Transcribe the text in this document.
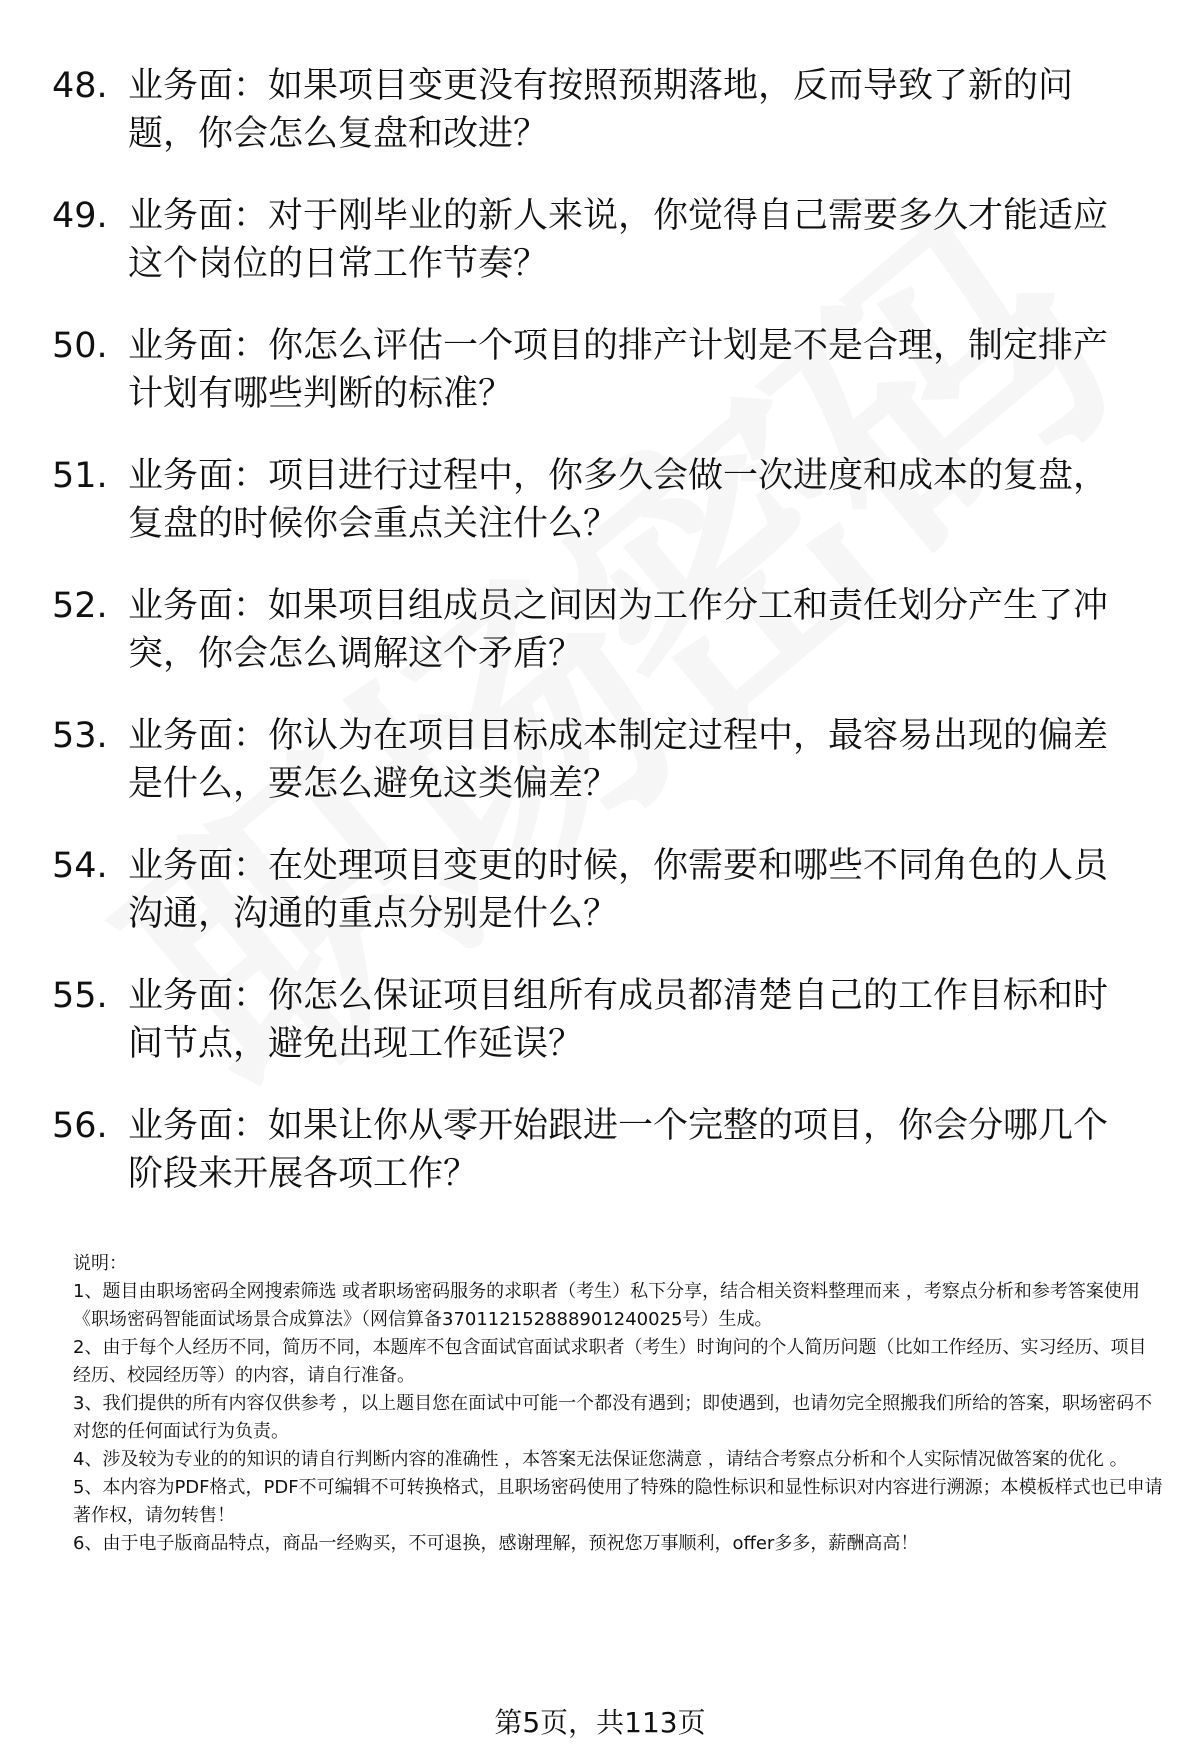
48. 业务面：如果项目变更没有按照预期落地，反而导致了新的问题，你会怎么复盘和改进？
49. 业务面：对于刚毕业的新人来说，你觉得自己需要多久才能适应这个岗位的日常工作节奏？
50. 业务面：你怎么评估一个项目的排产计划是不是合理，制定排产计划有哪些判断的标准？
51. 业务面：项目进行过程中，你多久会做一次进度和成本的复盘，复盘的时候你会重点关注什么？
52. 业务面：如果项目组成员之间因为工作分工和责任划分产生了冲突，你会怎么调解这个矛盾？
53. 业务面：你认为在项目目标成本制定过程中，最容易出现的偏差是什么，要怎么避免这类偏差？
54. 业务面：在处理项目变更的时候，你需要和哪些不同角色的人员沟通，沟通的重点分别是什么？
55. 业务面：你怎么保证项目组所有成员都清楚自己的工作目标和时间节点，避免出现工作延误？
56. 业务面：如果让你从零开始跟进一个完整的项目，你会分哪几个阶段来开展各项工作？

说明：

1、题目由职场密码全网搜索筛选 或者职场密码服务的求职者（考生）私下分享，结合相关资料整理而来 ，考察点分析和参考答案使用《职场密码智能面试场景合成算法》（网信算备370112152888901240025号）生成。

2、由于每个人经历不同，简历不同，本题库不包含面试官面试求职者（考生）时询问的个人简历问题（比如工作经历、实习经历、项目经历、校园经历等）的内容，请自行准备。

3、我们提供的所有内容仅供参考 ，以上题目您在面试中可能一个都没有遇到；即使遇到，也请勿完全照搬我们所给的答案，职场密码不对您的任何面试行为负责。

4、涉及较为专业的的知识的请自行判断内容的准确性 ，本答案无法保证您满意 ，请结合考察点分析和个人实际情况做答案的优化 。

5、本内容为PDF格式，PDF不可编辑不可转换格式，且职场密码使用了特殊的隐性标识和显性标识对内容进行溯源；本模板样式也已申请著作权，请勿转售！

6、由于电子版商品特点，商品一经购买，不可退换，感谢理解，预祝您万事顺利，offer多多，薪酬高高！

第5页，共113页
